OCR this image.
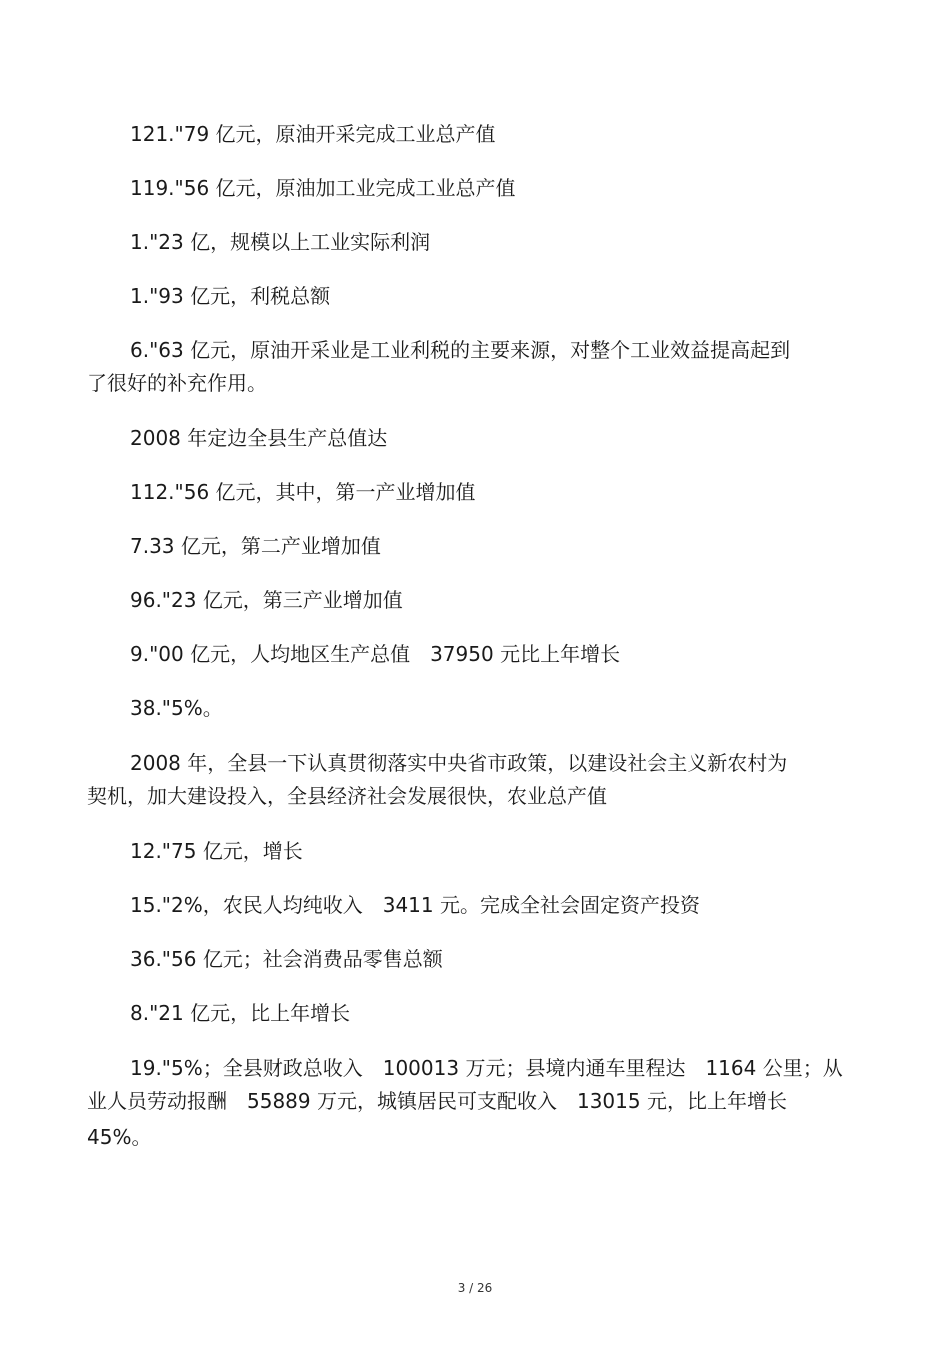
121."79 亿元，原油开采完成工业总产值
119."56 亿元，原油加工业完成工业总产值
1."23 亿，规模以上工业实际利润
1."93 亿元，利税总额
6."63 亿元，原油开采业是工业利税的主要来源，对整个工业效益提高起到
了很好的补充作用。
2008 年定边全县生产总值达
112."56 亿元，其中，第一产业增加值
7.33 亿元，第二产业增加值
96."23 亿元，第三产业增加值
9."00 亿元，人均地区生产总值　37950 元比上年增长
38."5%。
2008 年，全县一下认真贯彻落实中央省市政策，以建设社会主义新农村为
契机，加大建设投入，全县经济社会发展很快，农业总产值
12."75 亿元，增长
15."2%，农民人均纯收入　3411 元。完成全社会固定资产投资
36."56 亿元；社会消费品零售总额
8."21 亿元，比上年增长
19."5%；全县财政总收入　100013 万元；县境内通车里程达　1164 公里；从
业人员劳动报酬　55889 万元，城镇居民可支配收入　13015 元，比上年增长
45%。
3 / 26
